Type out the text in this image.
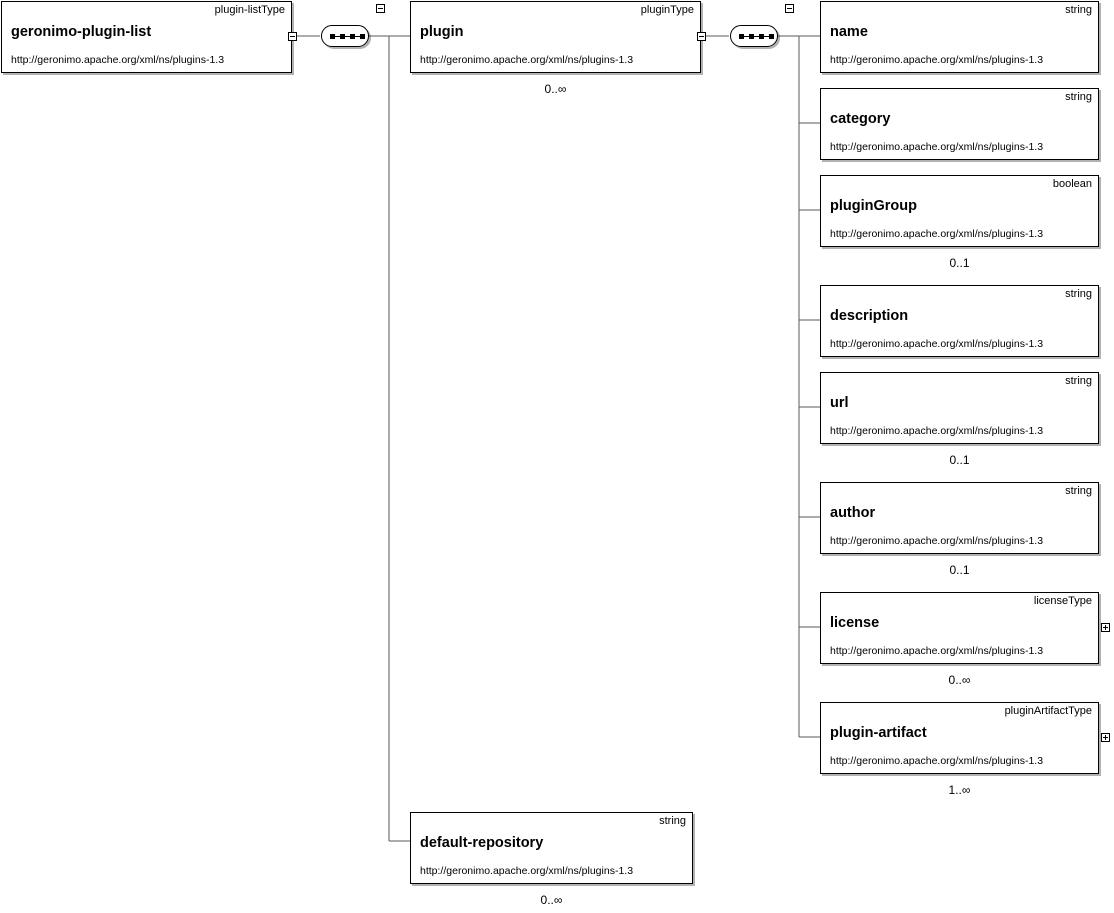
plugin-listType
geronimo-plugin-list
http://geronimo.apache.org/xml/ns/plugins-1.3
pluginType
plugin
http://geronimo.apache.org/xml/ns/plugins-1.3
0..∞
string
default-repository
http://geronimo.apache.org/xml/ns/plugins-1.3
0..∞
string
name
http://geronimo.apache.org/xml/ns/plugins-1.3
string
category
http://geronimo.apache.org/xml/ns/plugins-1.3
boolean
pluginGroup
http://geronimo.apache.org/xml/ns/plugins-1.3
0..1
string
description
http://geronimo.apache.org/xml/ns/plugins-1.3
string
url
http://geronimo.apache.org/xml/ns/plugins-1.3
0..1
string
author
http://geronimo.apache.org/xml/ns/plugins-1.3
0..1
licenseType
license
http://geronimo.apache.org/xml/ns/plugins-1.3
0..∞
pluginArtifactType
plugin-artifact
http://geronimo.apache.org/xml/ns/plugins-1.3
1..∞
